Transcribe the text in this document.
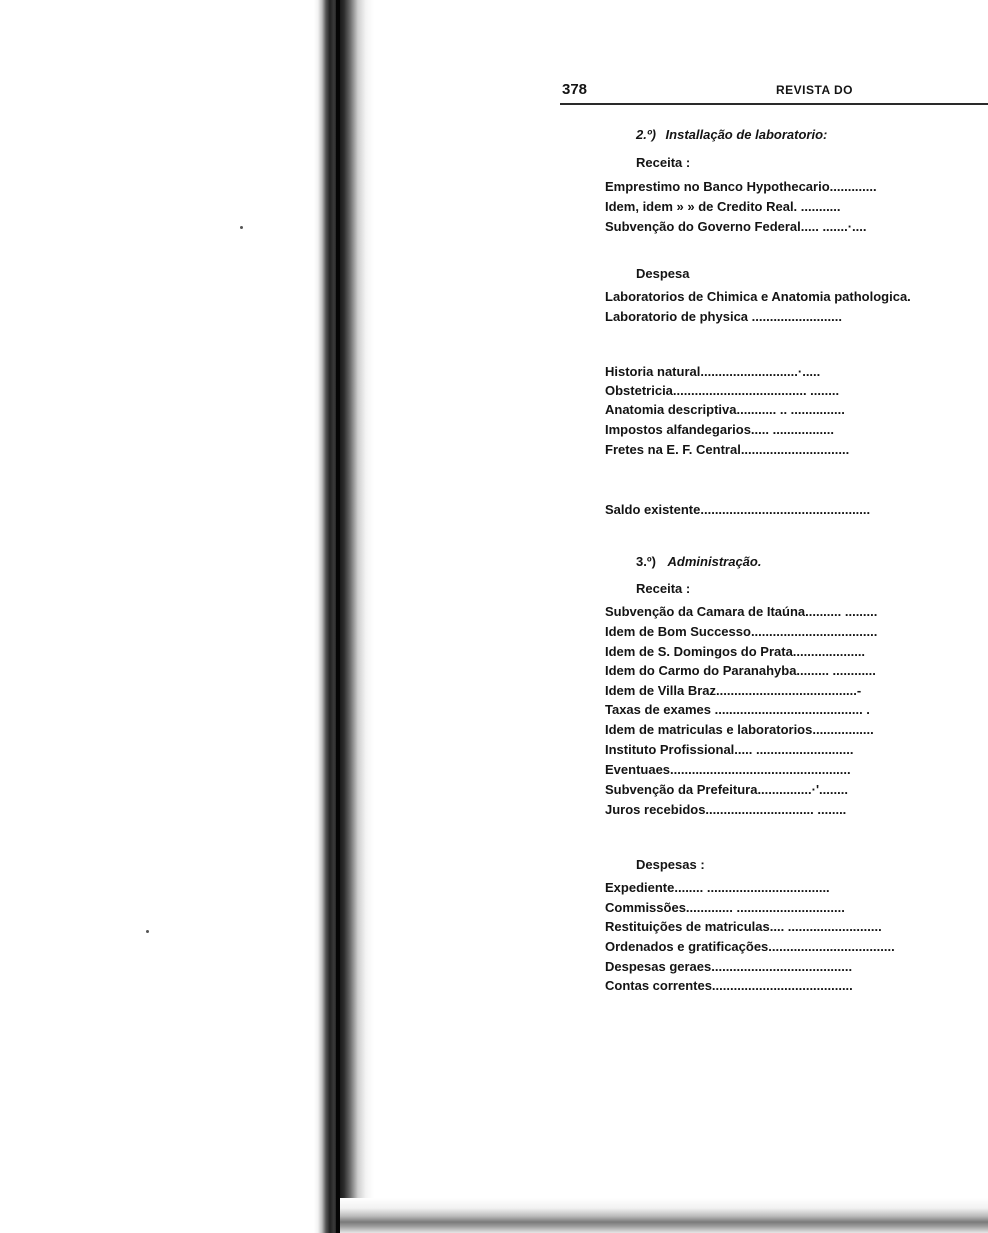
378	REVISTA DO
2.º) Installação de laboratorio:
Receita :
Emprestimo no Banco Hypothecario.............
Idem, idem » » de Credito Real. ...........
Subvenção do Governo Federal..... .......·....
Despesa
Laboratorios de Chimica e Anatomia pathologica.
Laboratorio de physica .........................
Historia natural...........................·.....
Obstetricia..................................... ........
Anatomia descriptiva........... .. ...............
Impostos alfandegarios..... .................
Fretes na E. F. Central..............................
Saldo existente...............................................
3.º) Administração.
Receita :
Subvenção da Camara de Itaúna.......... .........
Idem de Bom Successo...................................
Idem de S. Domingos do Prata....................
Idem do Carmo do Paranahyba......... ............
Idem de Villa Braz.......................................-
Taxas de exames ......................................... .
Idem de matriculas e laboratorios.................
Instituto Profissional..... ...........................
Eventuaes..................................................
Subvenção da Prefeitura...............·'........
Juros recebidos.............................. ........
Despesas :
Expediente........ ..................................
Commissões............. ..............................
Restituições de matriculas.... ..........................
Ordenados e gratificações...................................
Despesas geraes.......................................
Contas correntes.......................................
